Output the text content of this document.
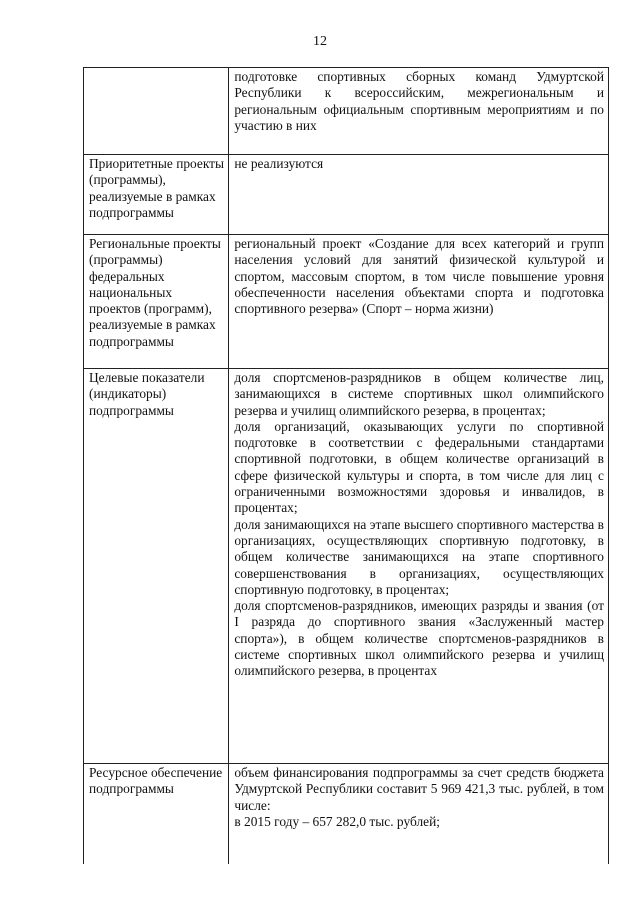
12

	подготовке спортивных сборных команд Удмуртской Республики к всероссийским, межрегиональным и региональным официальным спортивным мероприятиям и по участию в них

Приоритетные проекты (программы), реализуемые в рамках подпрограммы	не реализуются

Региональные проекты (программы) федеральных национальных проектов (программ), реализуемые в рамках подпрограммы	региональный проект «Создание для всех категорий и групп населения условий для занятий физической культурой и спортом, массовым спортом, в том числе повышение уровня обеспеченности населения объектами спорта и подготовка спортивного резерва» (Спорт – норма жизни)

Целевые показатели (индикаторы) подпрограммы	доля спортсменов-разрядников в общем количестве лиц, занимающихся в системе спортивных школ олимпийского резерва и училищ олимпийского резерва, в процентах;
доля организаций, оказывающих услуги по спортивной подготовке в соответствии с федеральными стандартами спортивной подготовки, в общем количестве организаций в сфере физической культуры и спорта, в том числе для лиц с ограниченными возможностями здоровья и инвалидов, в процентах;
доля занимающихся на этапе высшего спортивного мастерства в организациях, осуществляющих спортивную подготовку, в общем количестве занимающихся на этапе спортивного совершенствования в организациях, осуществляющих спортивную подготовку, в процентах;
доля спортсменов-разрядников, имеющих разряды и звания (от I разряда до спортивного звания «Заслуженный мастер спорта»), в общем количестве спортсменов-разрядников в системе спортивных школ олимпийского резерва и училищ олимпийского резерва, в процентах

Ресурсное обеспечение подпрограммы	объем финансирования подпрограммы за счет средств бюджета Удмуртской Республики составит 5 969 421,3 тыс. рублей, в том числе:
в 2015 году – 657 282,0 тыс. рублей;
